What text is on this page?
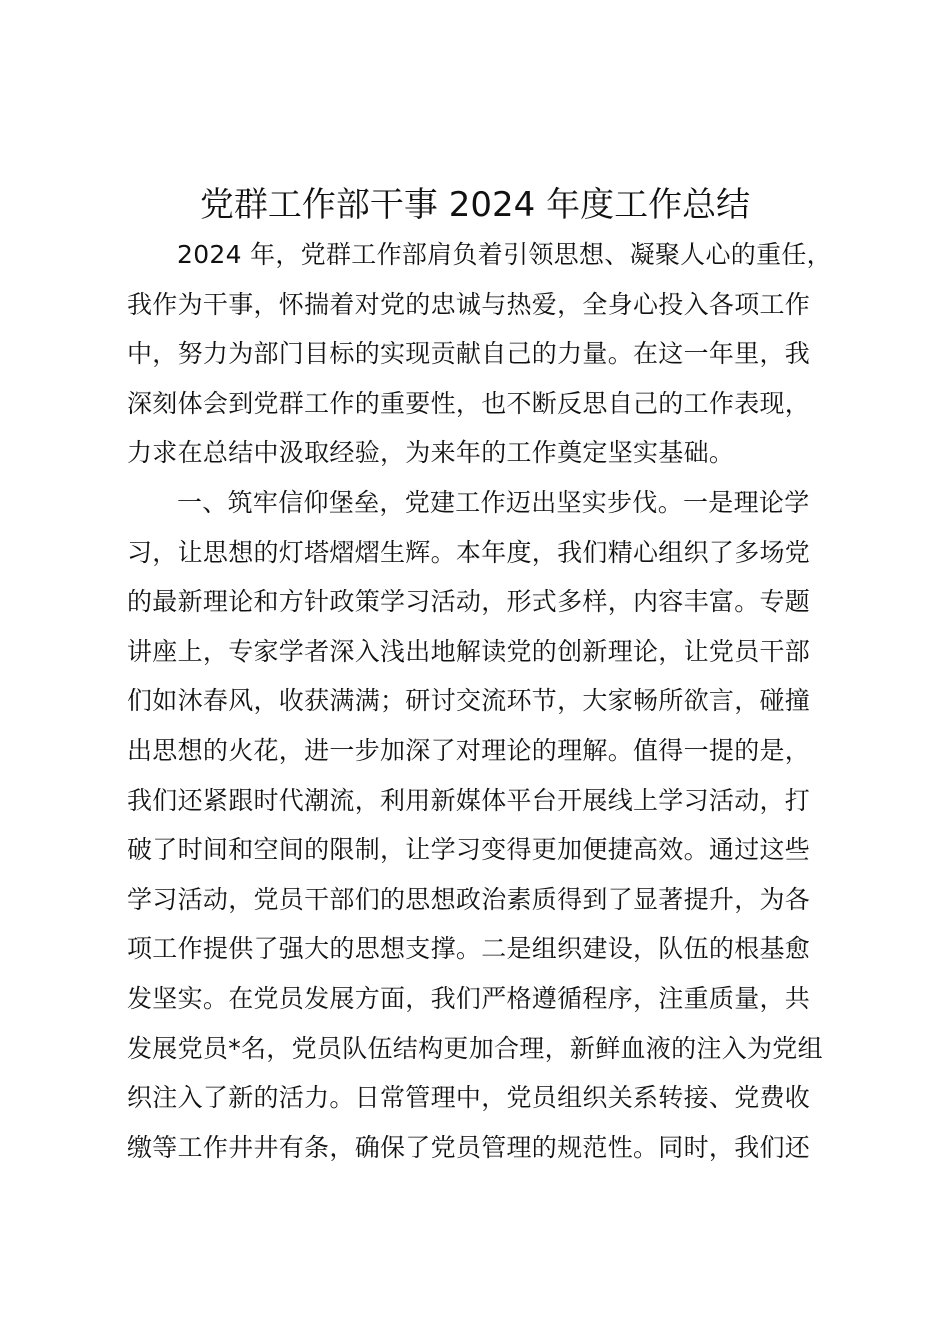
党群工作部干事 2024 年度工作总结
2024 年，党群工作部肩负着引领思想、凝聚人心的重任，
我作为干事，怀揣着对党的忠诚与热爱，全身心投入各项工作
中，努力为部门目标的实现贡献自己的力量。在这一年里，我
深刻体会到党群工作的重要性，也不断反思自己的工作表现，
力求在总结中汲取经验，为来年的工作奠定坚实基础。
一、筑牢信仰堡垒，党建工作迈出坚实步伐。一是理论学
习，让思想的灯塔熠熠生辉。本年度，我们精心组织了多场党
的最新理论和方针政策学习活动，形式多样，内容丰富。专题
讲座上，专家学者深入浅出地解读党的创新理论，让党员干部
们如沐春风，收获满满；研讨交流环节，大家畅所欲言，碰撞
出思想的火花，进一步加深了对理论的理解。值得一提的是，
我们还紧跟时代潮流，利用新媒体平台开展线上学习活动，打
破了时间和空间的限制，让学习变得更加便捷高效。通过这些
学习活动，党员干部们的思想政治素质得到了显著提升，为各
项工作提供了强大的思想支撑。二是组织建设，队伍的根基愈
发坚实。在党员发展方面，我们严格遵循程序，注重质量，共
发展党员*名，党员队伍结构更加合理，新鲜血液的注入为党组
织注入了新的活力。日常管理中，党员组织关系转接、党费收
缴等工作井井有条，确保了党员管理的规范性。同时，我们还
